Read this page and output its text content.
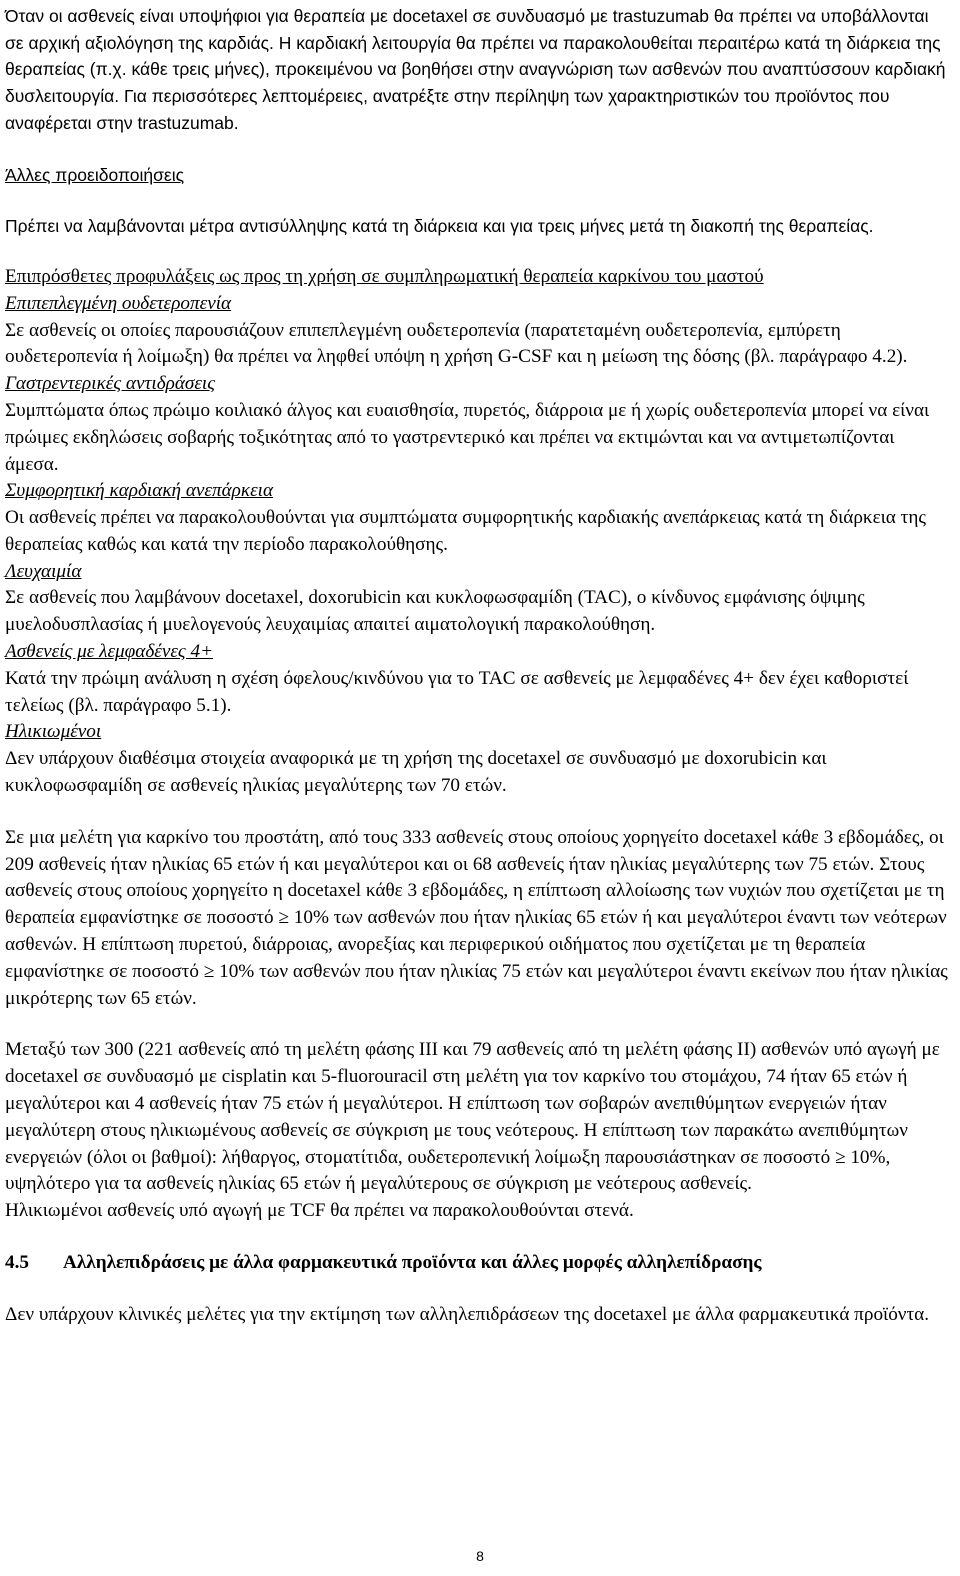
Όταν οι ασθενείς είναι υποψήφιοι για θεραπεία με docetaxel σε συνδυασμό με trastuzumab θα πρέπει να υποβάλλονται σε αρχική αξιολόγηση της καρδιάς. Η καρδιακή λειτουργία θα πρέπει να παρακολουθείται περαιτέρω κατά τη διάρκεια της θεραπείας (π.χ. κάθε τρεις μήνες), προκειμένου να βοηθήσει στην αναγνώριση των ασθενών που αναπτύσσουν καρδιακή δυσλειτουργία. Για περισσότερες λεπτομέρειες, ανατρέξτε στην περίληψη των χαρακτηριστικών του προϊόντος που αναφέρεται στην trastuzumab.

Άλλες προειδοποιήσεις

Πρέπει να λαμβάνονται μέτρα αντισύλληψης κατά τη διάρκεια και για τρεις μήνες μετά τη διακοπή της θεραπείας.

Επιπρόσθετες προφυλάξεις ως προς τη χρήση σε συμπληρωματική θεραπεία καρκίνου του μαστού

Επιπεπλεγμένη ουδετεροπενία

Σε ασθενείς οι οποίες παρουσιάζουν επιπεπλεγμένη ουδετεροπενία (παρατεταμένη ουδετεροπενία, εμπύρετη ουδετεροπενία ή λοίμωξη) θα πρέπει να ληφθεί υπόψη η χρήση G-CSF και η μείωση της δόσης (βλ. παράγραφο 4.2).

Γαστρεντερικές αντιδράσεις

Συμπτώματα όπως πρώιμο κοιλιακό άλγος και ευαισθησία, πυρετός, διάρροια με ή χωρίς ουδετεροπενία μπορεί να είναι πρώιμες εκδηλώσεις σοβαρής τοξικότητας από το γαστρεντερικό και πρέπει να εκτιμώνται και να αντιμετωπίζονται άμεσα.

Συμφορητική καρδιακή ανεπάρκεια

Οι ασθενείς πρέπει να παρακολουθούνται για συμπτώματα συμφορητικής καρδιακής ανεπάρκειας κατά τη διάρκεια της θεραπείας καθώς και κατά την περίοδο παρακολούθησης.

Λευχαιμία

Σε ασθενείς που λαμβάνουν docetaxel, doxorubicin και κυκλοφωσφαμίδη (TAC), ο κίνδυνος εμφάνισης όψιμης μυελοδυσπλασίας ή μυελογενούς λευχαιμίας απαιτεί αιματολογική παρακολούθηση.

Ασθενείς με λεμφαδένες 4+

Κατά την πρώιμη ανάλυση η σχέση όφελους/κινδύνου για το TAC σε ασθενείς με λεμφαδένες 4+ δεν έχει καθοριστεί τελείως (βλ. παράγραφο 5.1).

Ηλικιωμένοι

Δεν υπάρχουν διαθέσιμα στοιχεία αναφορικά με τη χρήση της docetaxel σε συνδυασμό με doxorubicin και κυκλοφωσφαμίδη σε ασθενείς ηλικίας μεγαλύτερης των 70 ετών.

Σε μια μελέτη για καρκίνο του προστάτη, από τους 333 ασθενείς στους οποίους χορηγείτο docetaxel κάθε 3 εβδομάδες, οι 209 ασθενείς ήταν ηλικίας 65 ετών ή και μεγαλύτεροι και οι 68 ασθενείς ήταν ηλικίας μεγαλύτερης των 75 ετών. Στους ασθενείς στους οποίους χορηγείτο η docetaxel κάθε 3 εβδομάδες, η επίπτωση αλλοίωσης των νυχιών που σχετίζεται με τη θεραπεία εμφανίστηκε σε ποσοστό ≥ 10% των ασθενών που ήταν ηλικίας 65 ετών ή και μεγαλύτεροι έναντι των νεότερων ασθενών. Η επίπτωση πυρετού, διάρροιας, ανορεξίας και περιφερικού οιδήματος που σχετίζεται με τη θεραπεία εμφανίστηκε σε ποσοστό ≥ 10% των ασθενών που ήταν ηλικίας 75 ετών και μεγαλύτεροι έναντι εκείνων που ήταν ηλικίας μικρότερης των 65 ετών.

Μεταξύ των 300 (221 ασθενείς από τη μελέτη φάσης III και 79 ασθενείς από τη μελέτη φάσης II) ασθενών υπό αγωγή με docetaxel σε συνδυασμό με cisplatin και 5-fluorouracil στη μελέτη για τον καρκίνο του στομάχου, 74 ήταν 65 ετών ή μεγαλύτεροι και 4 ασθενείς ήταν 75 ετών ή μεγαλύτεροι. Η επίπτωση των σοβαρών ανεπιθύμητων ενεργειών ήταν μεγαλύτερη στους ηλικιωμένους ασθενείς σε σύγκριση με τους νεότερους. Η επίπτωση των παρακάτω ανεπιθύμητων ενεργειών (όλοι οι βαθμοί): λήθαργος, στοματίτιδα, ουδετεροπενική λοίμωξη παρουσιάστηκαν σε ποσοστό ≥ 10%, υψηλότερο για τα ασθενείς ηλικίας 65 ετών ή μεγαλύτερους σε σύγκριση με νεότερους ασθενείς.

Ηλικιωμένοι ασθενείς υπό αγωγή με TCF θα πρέπει να παρακολουθούνται στενά.

4.5 Αλληλεπιδράσεις με άλλα φαρμακευτικά προϊόντα και άλλες μορφές αλληλεπίδρασης

Δεν υπάρχουν κλινικές μελέτες για την εκτίμηση των αλληλεπιδράσεων της docetaxel με άλλα φαρμακευτικά προϊόντα.

8
